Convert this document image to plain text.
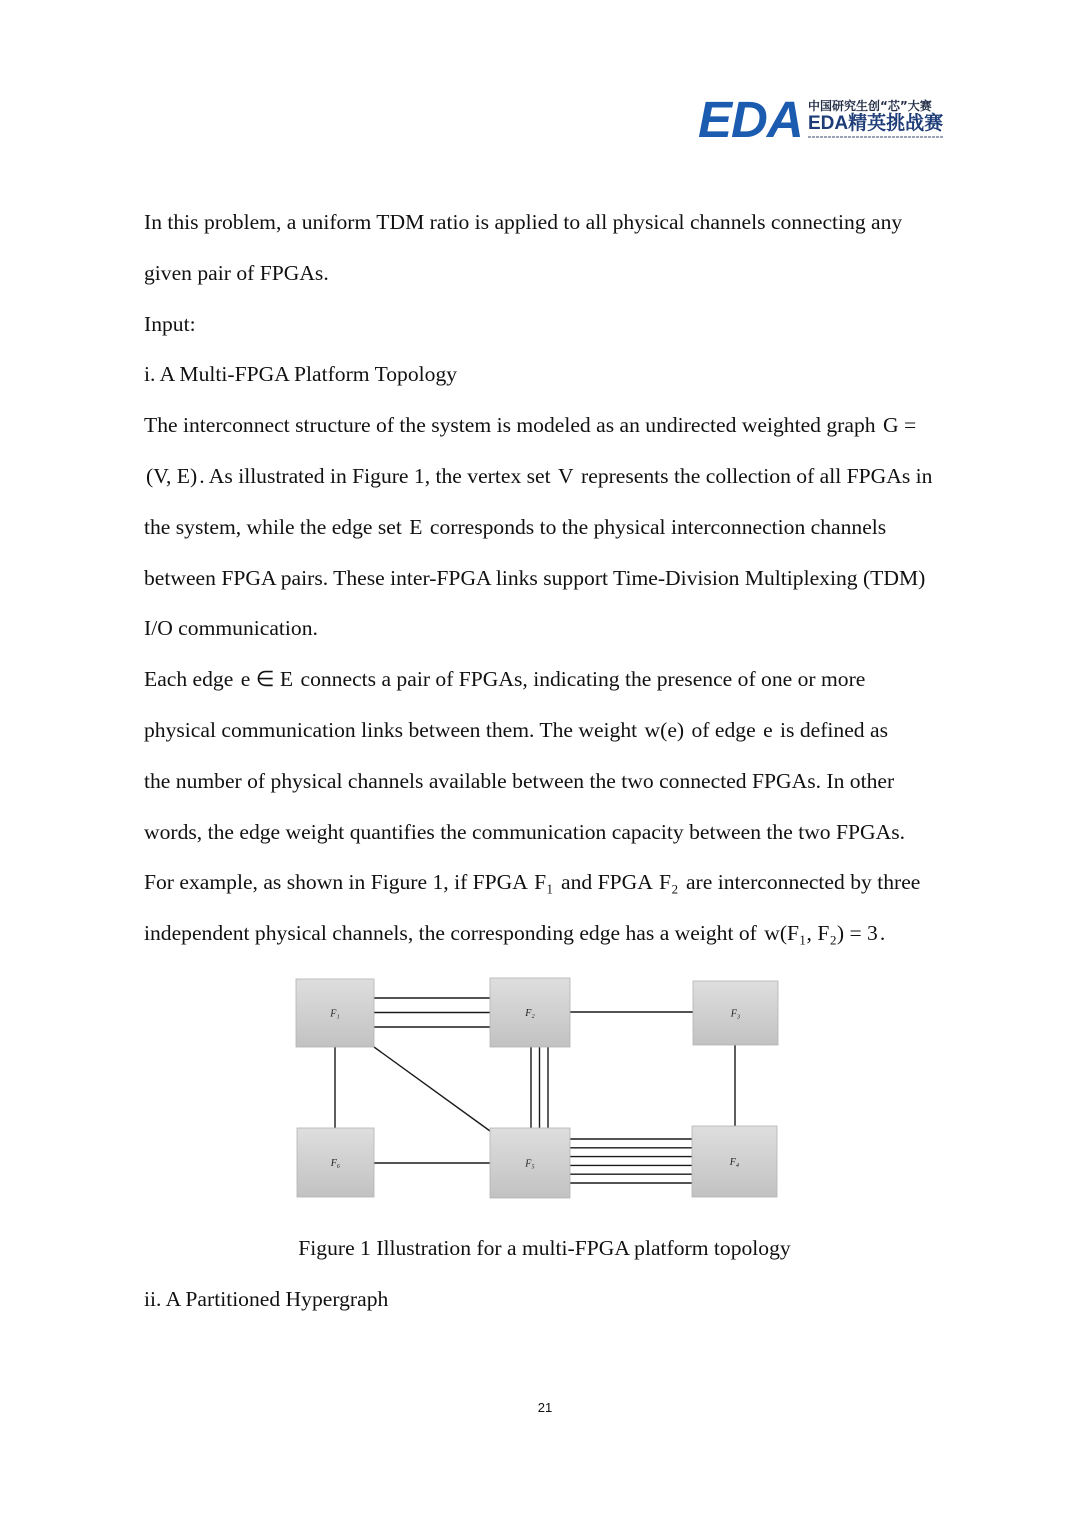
EDA 中国研究生创“芯”大赛
EDA精英挑战赛
In this problem, a uniform TDM ratio is applied to all physical channels connecting any
given pair of FPGAs.
Input:
i. A Multi-FPGA Platform Topology
The interconnect structure of the system is modeled as an undirected weighted graph G =
(V, E). As illustrated in Figure 1, the vertex set V represents the collection of all FPGAs in
the system, while the edge set E corresponds to the physical interconnection channels
between FPGA pairs. These inter-FPGA links support Time-Division Multiplexing (TDM)
I/O communication.
Each edge e ∈ E connects a pair of FPGAs, indicating the presence of one or more
physical communication links between them. The weight w(e) of edge e is defined as
the number of physical channels available between the two connected FPGAs. In other
words, the edge weight quantifies the communication capacity between the two FPGAs.
For example, as shown in Figure 1, if FPGA F₁ and FPGA F₂ are interconnected by three
independent physical channels, the corresponding edge has a weight of w(F₁, F₂) = 3.
F₁	F₂	F₃
F₄
F₅
F₆
Figure 1 Illustration for a multi-FPGA platform topology
ii. A Partitioned Hypergraph
21
